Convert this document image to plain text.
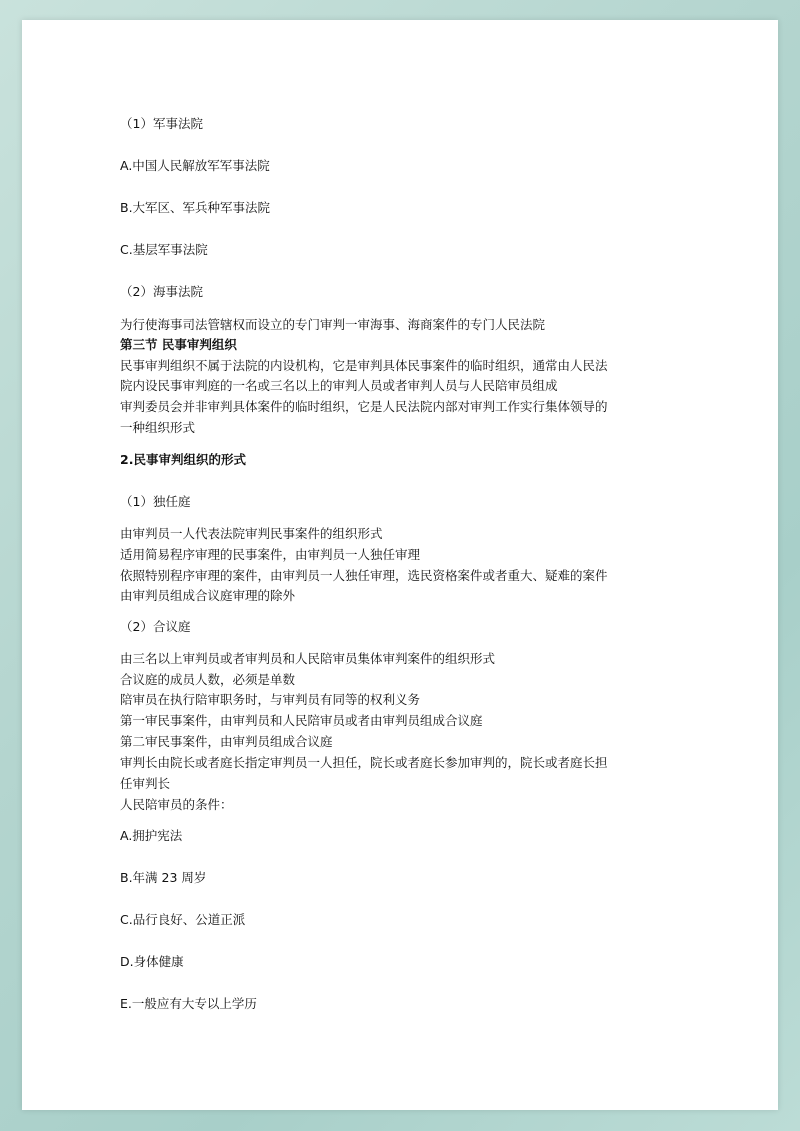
（1）军事法院
A.中国人民解放军军事法院
B.大军区、军兵种军事法院
C.基层军事法院
（2）海事法院
为行使海事司法管辖权而设立的专门审判一审海事、海商案件的专门人民法院
第三节 民事审判组织
民事审判组织不属于法院的内设机构，它是审判具体民事案件的临时组织，通常由人民法
院内设民事审判庭的一名或三名以上的审判人员或者审判人员与人民陪审员组成
审判委员会并非审判具体案件的临时组织，它是人民法院内部对审判工作实行集体领导的
一种组织形式
2.民事审判组织的形式
（1）独任庭
由审判员一人代表法院审判民事案件的组织形式
适用简易程序审理的民事案件，由审判员一人独任审理
依照特别程序审理的案件，由审判员一人独任审理，选民资格案件或者重大、疑难的案件
由审判员组成合议庭审理的除外
（2）合议庭
由三名以上审判员或者审判员和人民陪审员集体审判案件的组织形式
合议庭的成员人数，必须是单数
陪审员在执行陪审职务时，与审判员有同等的权利义务
第一审民事案件，由审判员和人民陪审员或者由审判员组成合议庭
第二审民事案件，由审判员组成合议庭
审判长由院长或者庭长指定审判员一人担任，院长或者庭长参加审判的，院长或者庭长担
任审判长
人民陪审员的条件：
A.拥护宪法
B.年满 23 周岁
C.品行良好、公道正派
D.身体健康
E.一般应有大专以上学历
